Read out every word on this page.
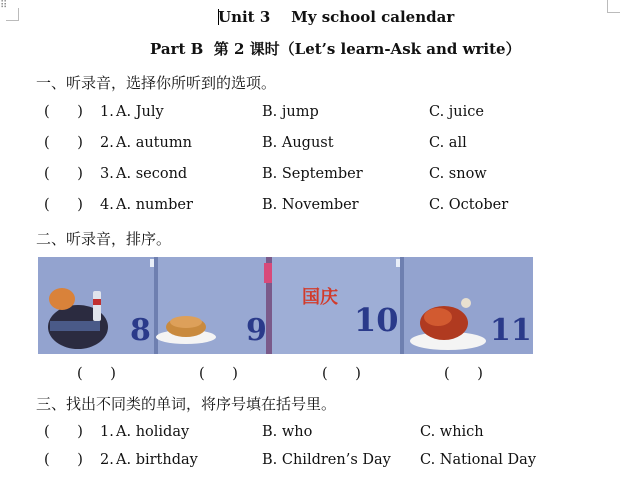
⠿
Unit 3    My school calendar
Part B  第 2 课时（Let’s learn-Ask and write）
一、听录音，选择你所听到的选项。
(      ) 1. A. July	B. jump	C. juice
(      ) 2. A. autumn	B. August	C. all
(      ) 3. A. second	B. September	C. snow
(      ) 4. A. number	B. November	C. October
二、听录音，排序。
8	9	10	11
国庆
(      )	(      )	(      )	(      )
三、找出不同类的单词，将序号填在括号里。
(      ) 1. A. holiday	B. who	C. which
(      ) 2. A. birthday	B. Children’s Day C. National Day
